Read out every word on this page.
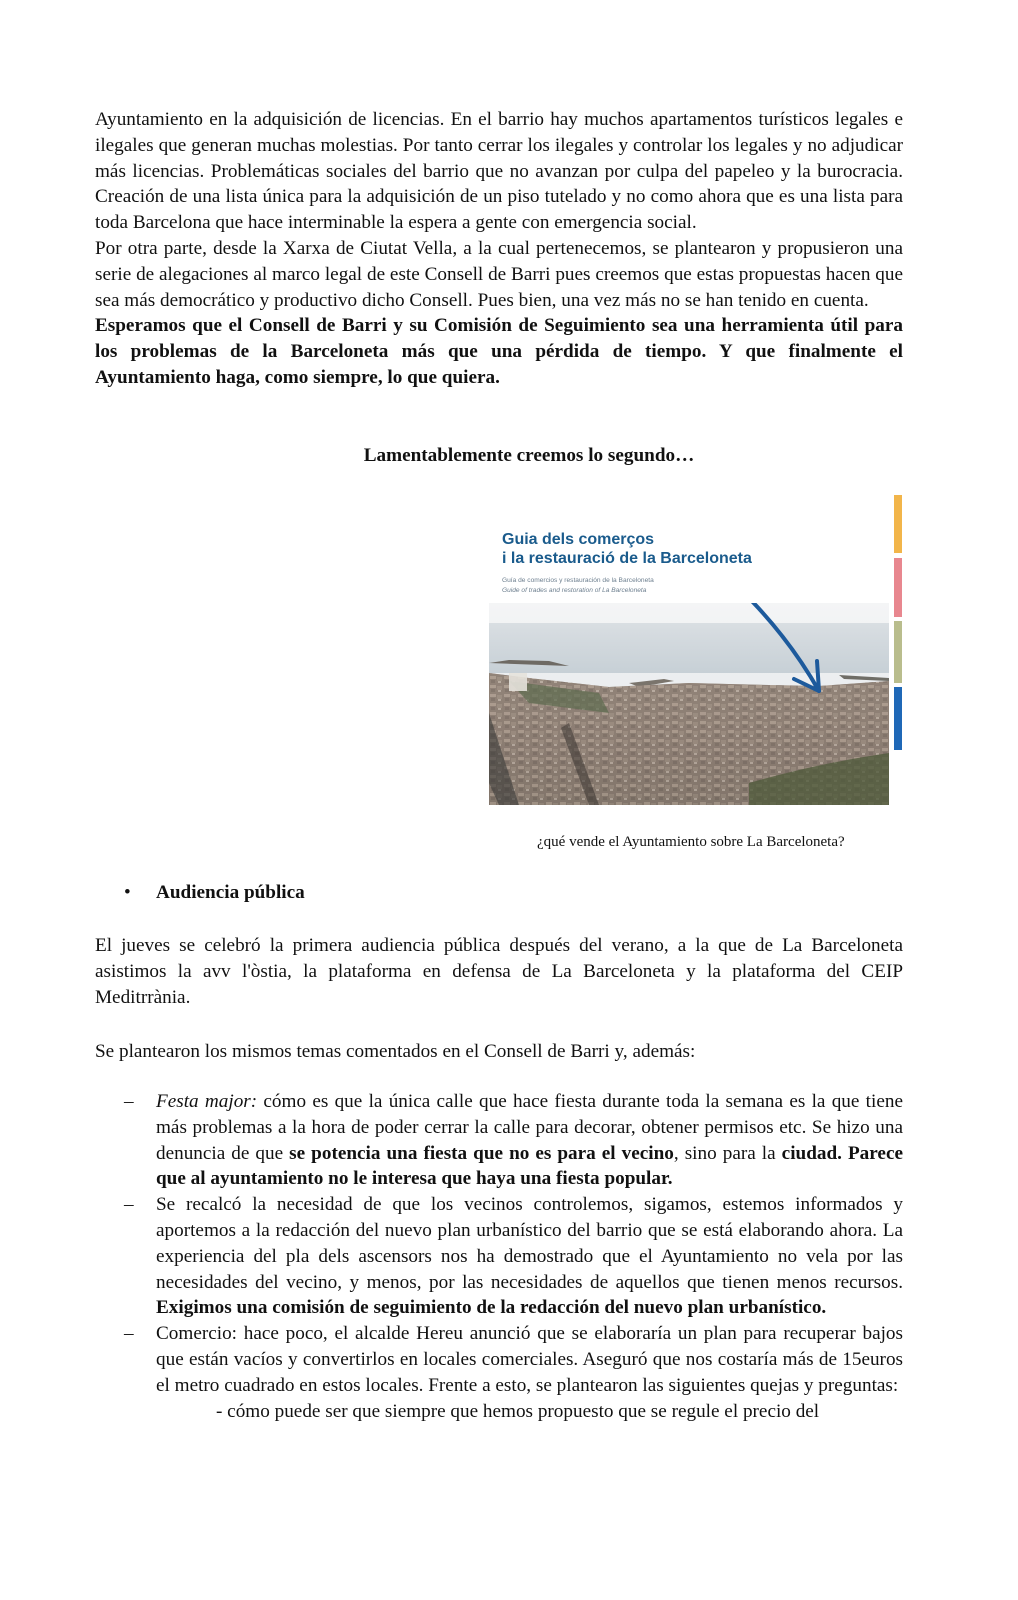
Ayuntamiento en la adquisición de licencias. En el barrio hay muchos apartamentos turísticos legales e ilegales que generan muchas molestias. Por tanto cerrar los ilegales y controlar los legales y no adjudicar más licencias. Problemáticas sociales del barrio que no avanzan por culpa del papeleo y la burocracia. Creación de una lista única para la adquisición de un piso tutelado y no como ahora que es una lista para toda Barcelona que hace interminable la espera a gente con emergencia social.

Por otra parte, desde la Xarxa de Ciutat Vella, a la cual pertenecemos, se plantearon y propusieron una serie de alegaciones al marco legal de este Consell de Barri pues creemos que estas propuestas hacen que sea más democrático y productivo dicho Consell. Pues bien, una vez más no se han tenido en cuenta.

Esperamos que el Consell de Barri y su Comisión de Seguimiento sea una herramienta útil para los problemas de la Barceloneta más que una pérdida de tiempo. Y que finalmente el Ayuntamiento haga, como siempre, lo que quiera.

Lamentablemente creemos lo segundo…
Guia dels comerços
i la restauració de la Barceloneta
Guía de comercios y restauración de la Barceloneta
Guide of trades and restoration of La Barceloneta
¿qué vende el Ayuntamiento sobre La Barceloneta?
• Audiencia pública
El jueves se celebró la primera audiencia pública después del verano, a la que de La Barceloneta asistimos la avv l'òstia, la plataforma en defensa de La Barceloneta y la plataforma del CEIP Meditrrània.
Se plantearon los mismos temas comentados en el Consell de Barri y, además:
– Festa major: cómo es que la única calle que hace fiesta durante toda la semana es la que tiene más problemas a la hora de poder cerrar la calle para decorar, obtener permisos etc. Se hizo una denuncia de que se potencia una fiesta que no es para el vecino, sino para la ciudad. Parece que al ayuntamiento no le interesa que haya una fiesta popular.
– Se recalcó la necesidad de que los vecinos controlemos, sigamos, estemos informados y aportemos a la redacción del nuevo plan urbanístico del barrio que se está elaborando ahora. La experiencia del pla dels ascensors nos ha demostrado que el Ayuntamiento no vela por las necesidades del vecino, y menos, por las necesidades de aquellos que tienen menos recursos. Exigimos una comisión de seguimiento de la redacción del nuevo plan urbanístico.
– Comercio: hace poco, el alcalde Hereu anunció que se elaboraría un plan para recuperar bajos que están vacíos y convertirlos en locales comerciales. Aseguró que nos costaría más de 15euros el metro cuadrado en estos locales. Frente a esto, se plantearon las siguientes quejas y preguntas:
- cómo puede ser que siempre que hemos propuesto que se regule el precio del
